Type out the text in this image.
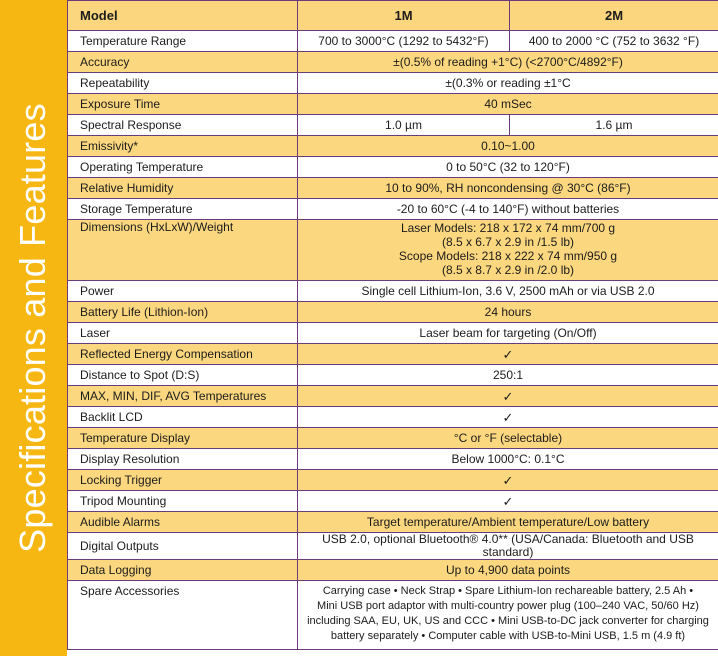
Specifications and Features
Model	1M	2M
Temperature Range	700 to 3000°C (1292 to 5432°F)	400 to 2000 °C (752 to 3632 °F)
Accuracy	±(0.5% of reading +1°C) (<2700°C/4892°F)	
Repeatability	±(0.3% or reading ±1°C	
Exposure Time	40 mSec	
Spectral Response	1.0 µm	1.6 µm
Emissivity*	0.10~1.00	
Operating Temperature	0 to 50°C (32 to 120°F)	
Relative Humidity	10 to 90%, RH noncondensing @ 30°C (86°F)	
Storage Temperature	-20 to 60°C (-4 to 140°F) without batteries	
Dimensions (HxLxW)/Weight	Laser Models: 218 x 172 x 74 mm/700 g
(8.5 x 6.7 x 2.9 in /1.5 lb)
Scope Models: 218 x 222 x 74 mm/950 g
(8.5 x 8.7 x 2.9 in /2.0 lb)	

Power	Single cell Lithium-Ion, 3.6 V, 2500 mAh or via USB 2.0	
Battery Life (Lithion-Ion)	24 hours	
Laser	Laser beam for targeting (On/Off)	
Reflected Energy Compensation	✓	
Distance to Spot (D:S)	250:1	
MAX, MIN, DIF, AVG Temperatures	✓	
Backlit LCD	✓	
Temperature Display	°C or °F (selectable)	
Display Resolution	Below 1000°C: 0.1°C	
Locking Trigger	✓	
Tripod Mounting	✓	
Audible Alarms	Target temperature/Ambient temperature/Low battery	
Digital Outputs	USB 2.0, optional Bluetooth® 4.0** (USA/Canada: Bluetooth and USB standard)	
Data Logging	Up to 4,900 data points	
Spare Accessories	Carrying case • Neck Strap • Spare Lithium-Ion rechareable battery, 2.5 Ah •
Mini USB port adaptor with multi-country power plug (100–240 VAC, 50/60 Hz)
including SAA, EU, UK, US and CCC • Mini USB-to-DC jack converter for charging
battery separately • Computer cable with USB-to-Mini USB, 1.5 m (4.9 ft)	
